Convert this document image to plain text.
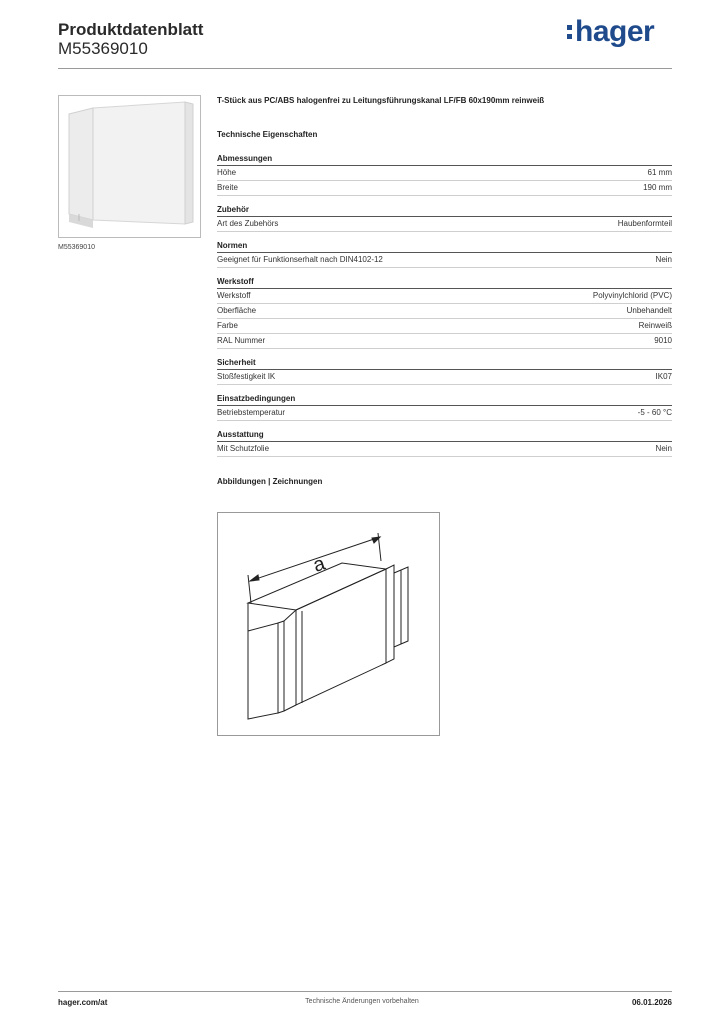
Produktdatenblatt
M55369010
hager
M55369010
T-Stück aus PC/ABS halogenfrei zu Leitungsführungskanal LF/FB 60x190mm reinweiß
Technische Eigenschaften
Abmessungen
Höhe	61 mm
Breite	190 mm
Zubehör
Art des Zubehörs	Haubenformteil
Normen
Geeignet für Funktionserhalt nach DIN4102-12	Nein
Werkstoff
Werkstoff	Polyvinylchlorid (PVC)
Oberfläche	Unbehandelt
Farbe	Reinweiß
RAL Nummer	9010
Sicherheit
Stoßfestigkeit IK	IK07
Einsatzbedingungen
Betriebstemperatur	-5 - 60 °C
Ausstattung
Mit Schutzfolie	Nein
Abbildungen | Zeichnungen
a
hager.com/at	Technische Änderungen vorbehalten	06.01.2026
